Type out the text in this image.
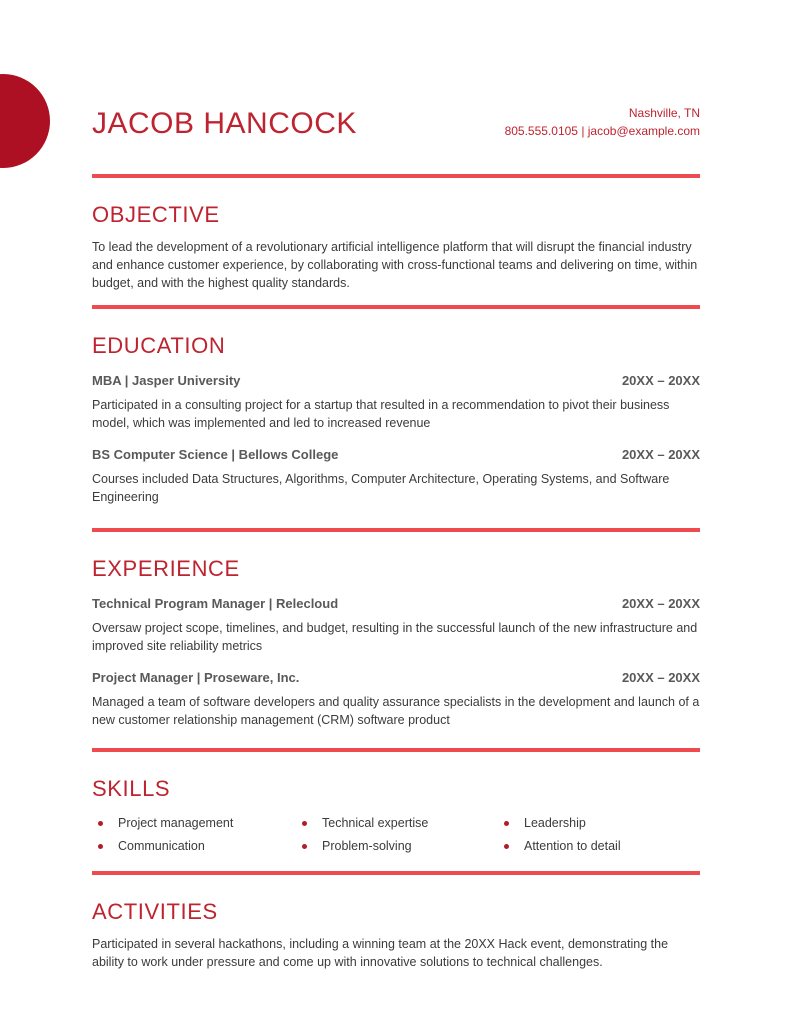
JACOB HANCOCK	Nashville, TN
805.555.0105 | jacob@example.com
OBJECTIVE
To lead the development of a revolutionary artificial intelligence platform that will disrupt the financial industry and enhance customer experience, by collaborating with cross-functional teams and delivering on time, within budget, and with the highest quality standards.
EDUCATION
MBA | Jasper University	20XX – 20XX
Participated in a consulting project for a startup that resulted in a recommendation to pivot their business model, which was implemented and led to increased revenue
BS Computer Science | Bellows College	20XX – 20XX
Courses included Data Structures, Algorithms, Computer Architecture, Operating Systems, and Software Engineering
EXPERIENCE
Technical Program Manager | Relecloud	20XX – 20XX
Oversaw project scope, timelines, and budget, resulting in the successful launch of the new infrastructure and improved site reliability metrics
Project Manager | Proseware, Inc.	20XX – 20XX
Managed a team of software developers and quality assurance specialists in the development and launch of a new customer relationship management (CRM) software product
SKILLS
Project management	Technical expertise	Leadership
Communication	Problem-solving	Attention to detail
ACTIVITIES
Participated in several hackathons, including a winning team at the 20XX Hack event, demonstrating the ability to work under pressure and come up with innovative solutions to technical challenges.
